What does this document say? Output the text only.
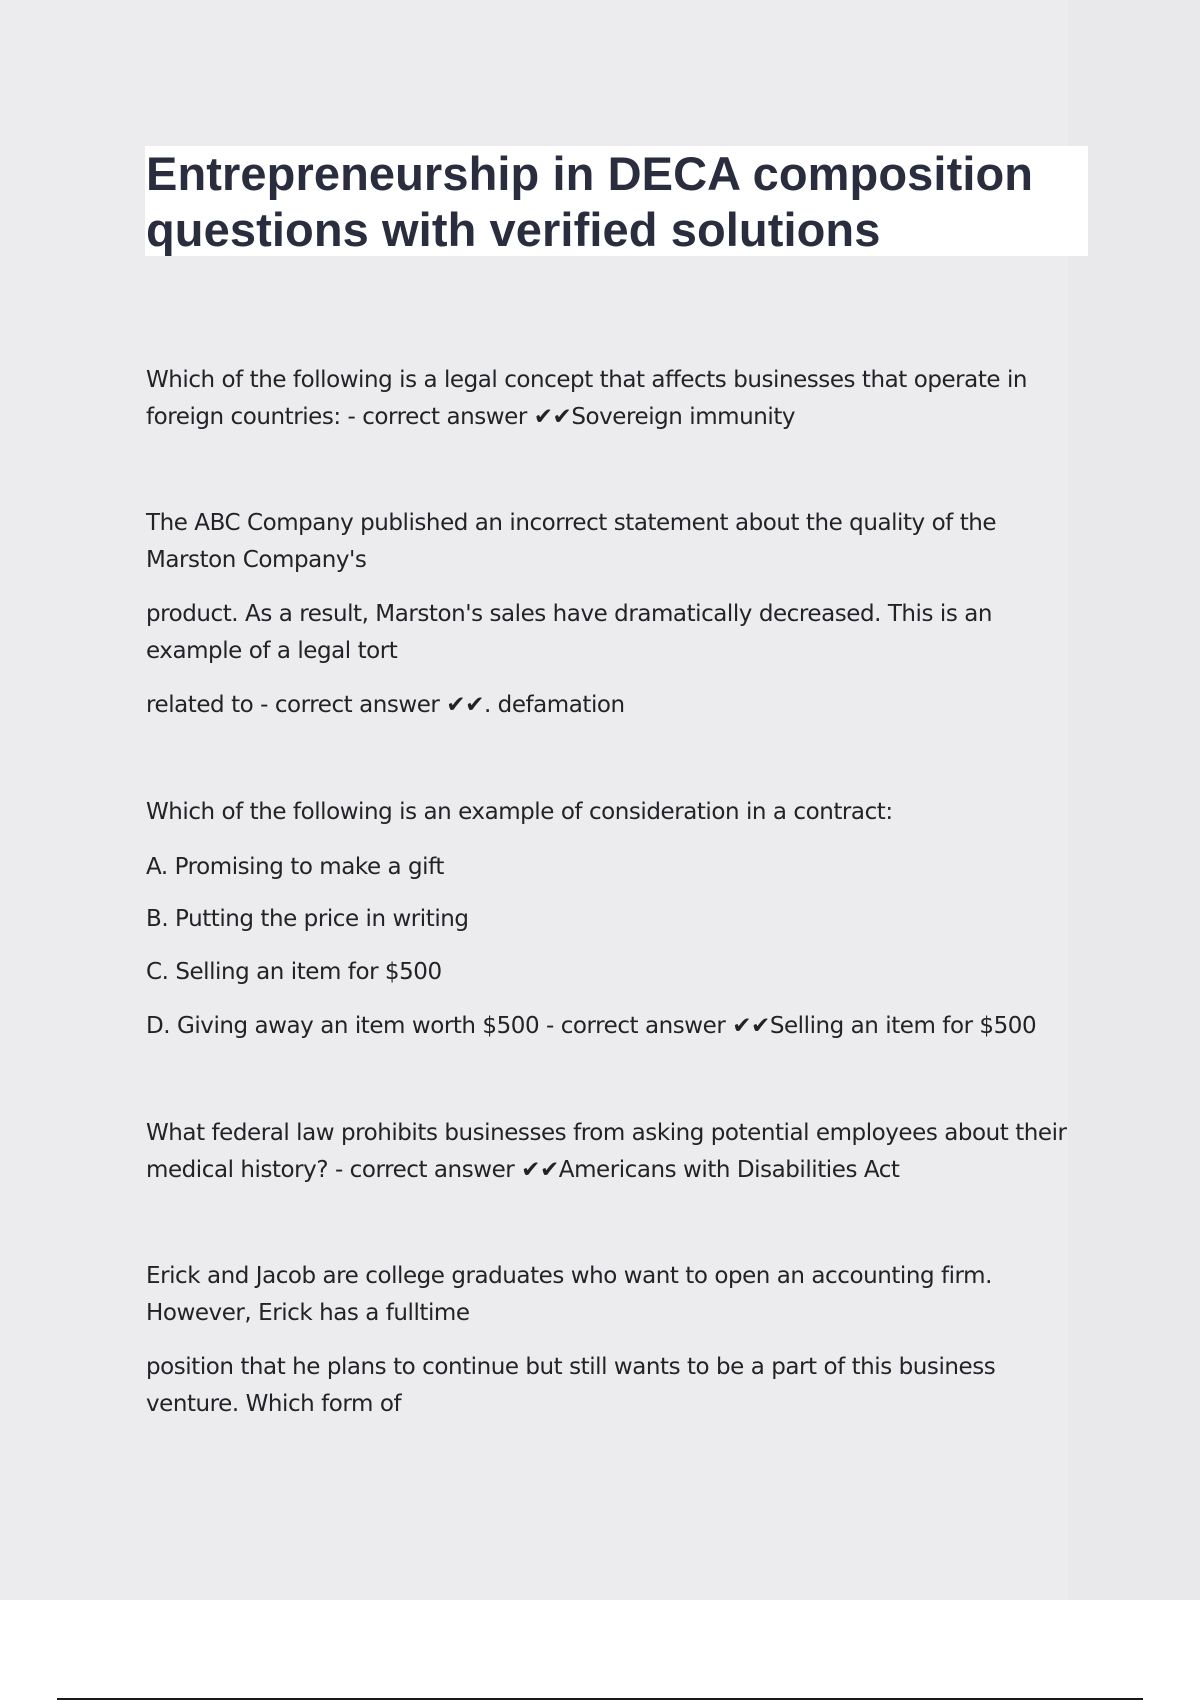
Entrepreneurship in DECA composition questions with verified solutions

Which of the following is a legal concept that affects businesses that operate in foreign countries: - correct answer ✔✔Sovereign immunity

The ABC Company published an incorrect statement about the quality of the Marston Company's

product. As a result, Marston's sales have dramatically decreased. This is an example of a legal tort

related to - correct answer ✔✔. defamation

Which of the following is an example of consideration in a contract:

A. Promising to make a gift

B. Putting the price in writing

C. Selling an item for $500

D. Giving away an item worth $500 - correct answer ✔✔Selling an item for $500

What federal law prohibits businesses from asking potential employees about their medical history? - correct answer ✔✔Americans with Disabilities Act

Erick and Jacob are college graduates who want to open an accounting firm. However, Erick has a fulltime

position that he plans to continue but still wants to be a part of this business venture. Which form of
